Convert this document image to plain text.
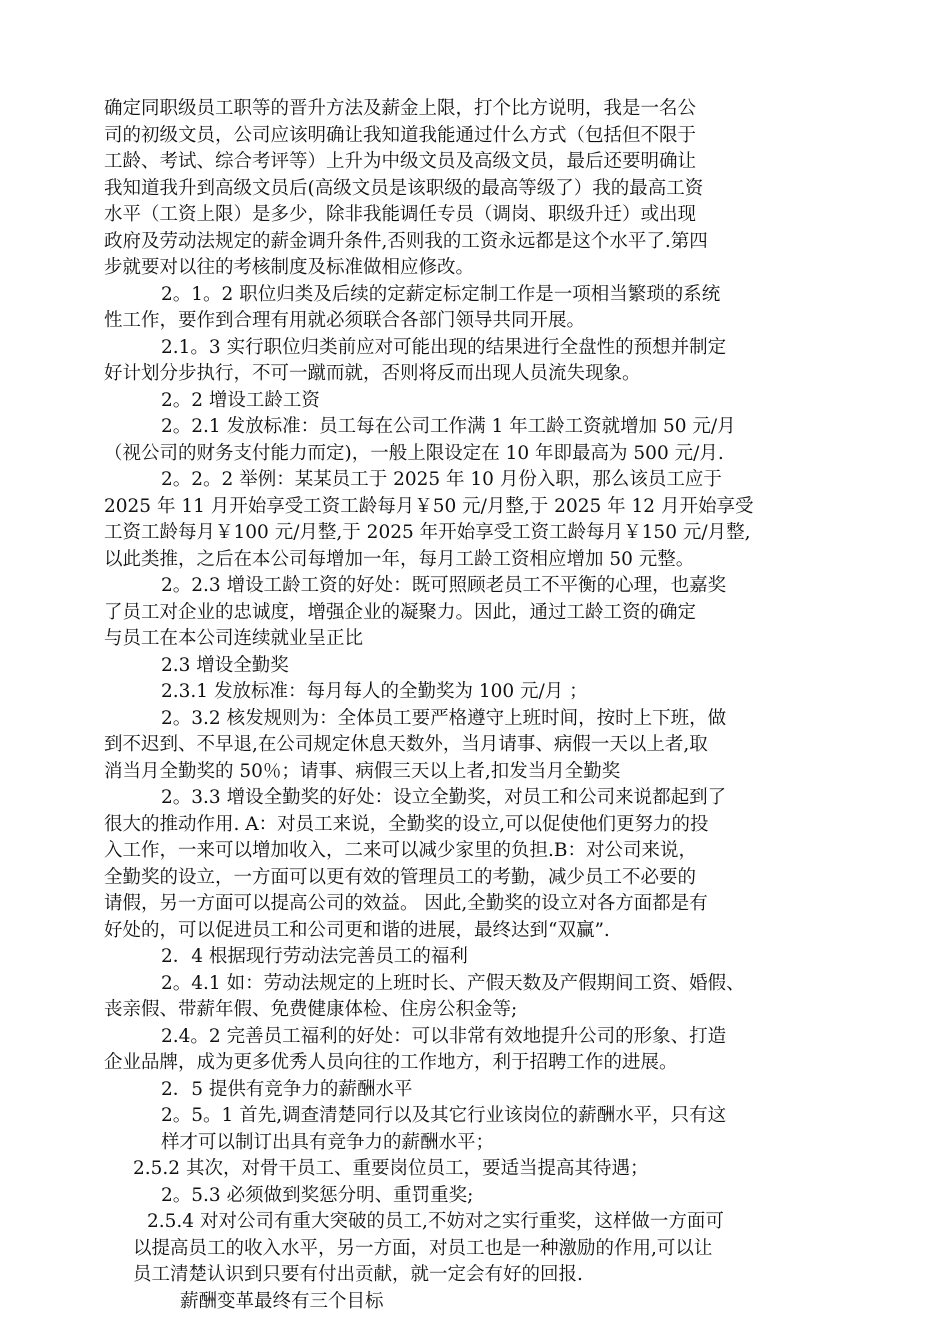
确定同职级员工职等的晋升方法及薪金上限，打个比方说明，我是一名公

司的初级文员，公司应该明确让我知道我能通过什么方式（包括但不限于

工龄、考试、综合考评等）上升为中级文员及高级文员，最后还要明确让

我知道我升到高级文员后(高级文员是该职级的最高等级了）我的最高工资

水平（工资上限）是多少，除非我能调任专员（调岗、职级升迁）或出现

政府及劳动法规定的薪金调升条件,否则我的工资永远都是这个水平了.第四

步就要对以往的考核制度及标准做相应修改。

2。1。2 职位归类及后续的定薪定标定制工作是一项相当繁琐的系统

性工作，要作到合理有用就必须联合各部门领导共同开展。

2.1。3 实行职位归类前应对可能出现的结果进行全盘性的预想并制定

好计划分步执行，不可一蹴而就，否则将反而出现人员流失现象。

2。2 增设工龄工资

2。2.1 发放标准：员工每在公司工作满 1 年工龄工资就增加 50 元/月

（视公司的财务支付能力而定)，一般上限设定在 10 年即最高为 500 元/月.

2。2。2 举例：某某员工于 2025 年 10 月份入职，那么该员工应于

2025 年 11 月开始享受工资工龄每月￥50 元/月整,于 2025 年 12 月开始享受

工资工龄每月￥100 元/月整,于 2025 年开始享受工资工龄每月￥150 元/月整,

以此类推，之后在本公司每增加一年，每月工龄工资相应增加 50 元整。

2。2.3 增设工龄工资的好处：既可照顾老员工不平衡的心理，也嘉奖

了员工对企业的忠诚度，增强企业的凝聚力。因此，通过工龄工资的确定

与员工在本公司连续就业呈正比

2.3 增设全勤奖

2.3.1 发放标准：每月每人的全勤奖为 100 元/月 ；

2。3.2 核发规则为：全体员工要严格遵守上班时间，按时上下班，做

到不迟到、不早退,在公司规定休息天数外，当月请事、病假一天以上者,取

消当月全勤奖的 50％；请事、病假三天以上者,扣发当月全勤奖

2。3.3 增设全勤奖的好处：设立全勤奖，对员工和公司来说都起到了

很大的推动作用. A：对员工来说，全勤奖的设立,可以促使他们更努力的投

入工作，一来可以增加收入，二来可以减少家里的负担.B：对公司来说，

全勤奖的设立，一方面可以更有效的管理员工的考勤，减少员工不必要的

请假，另一方面可以提高公司的效益。 因此,全勤奖的设立对各方面都是有

好处的，可以促进员工和公司更和谐的进展，最终达到“双赢”.

2．4 根据现行劳动法完善员工的福利

2。4.1 如：劳动法规定的上班时长、产假天数及产假期间工资、婚假、

丧亲假、带薪年假、免费健康体检、住房公积金等;

2.4。2 完善员工福利的好处：可以非常有效地提升公司的形象、打造

企业品牌，成为更多优秀人员向往的工作地方，利于招聘工作的进展。

2．5 提供有竞争力的薪酬水平

2。5。1 首先,调查清楚同行以及其它行业该岗位的薪酬水平，只有这

样才可以制订出具有竞争力的薪酬水平；

2.5.2 其次，对骨干员工、重要岗位员工，要适当提高其待遇；

2。5.3 必须做到奖惩分明、重罚重奖;

2.5.4 对对公司有重大突破的员工,不妨对之实行重奖，这样做一方面可

以提高员工的收入水平，另一方面，对员工也是一种激励的作用,可以让

员工清楚认识到只要有付出贡献，就一定会有好的回报.

薪酬变革最终有三个目标
